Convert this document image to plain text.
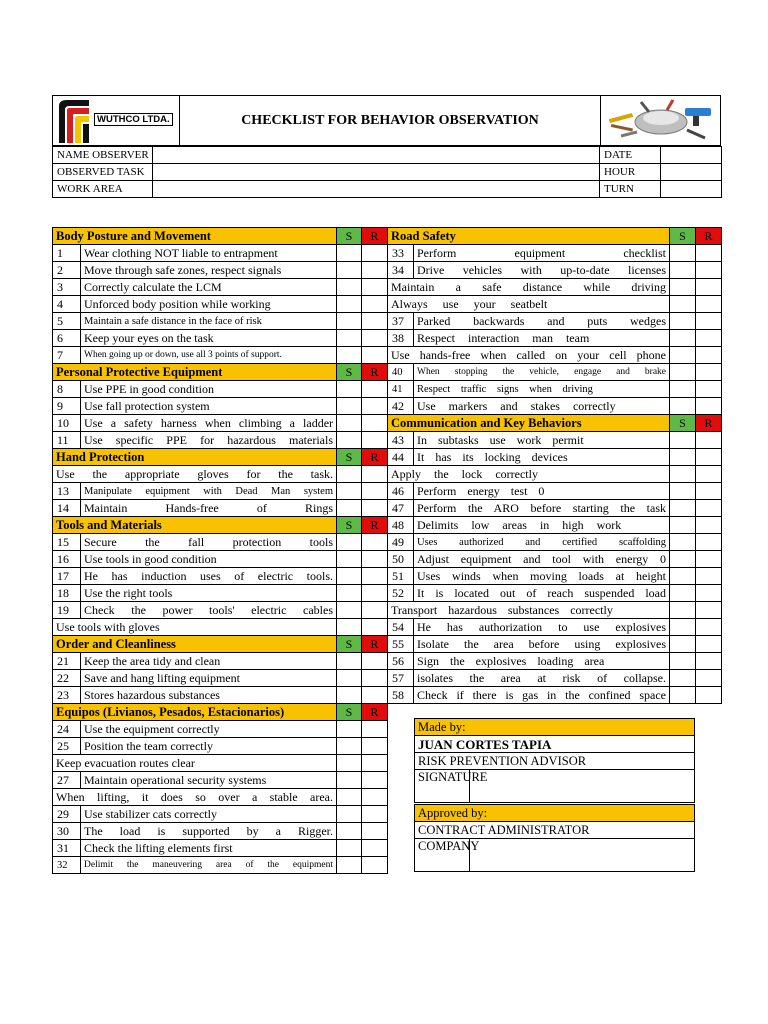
WUTHCO LTDA.	CHECKLIST FOR BEHAVIOR OBSERVATION
NAME OBSERVER		DATE	
OBSERVED TASK		HOUR	
WORK AREA		TURN	
Body Posture and Movement		S	R
1	Wear clothing NOT liable to entrapment		
2	Move through safe zones, respect signals		
3	Correctly calculate the LCM		
4	Unforced body position while working		
5	Maintain a safe distance in the face of risk		
6	Keep your eyes on the task		
7	When going up or down, use all 3 points of support.		
Personal Protective Equipment		S	R
8	Use PPE in good condition		
9	Use fall protection system		
10	Use a safety harness when climbing a ladder		
11	Use specific PPE for hazardous materials		
Hand Protection		S	R
Use the appropriate gloves for the task.			
13	Manipulate equipment with Dead Man system		
14	Maintain Hands-free of Rings		
Tools and Materials		S	R
15	Secure the fall protection tools		
16	Use tools in good condition		
17	He has induction uses of electric tools.		
18	Use the right tools		
19	Check the power tools' electric cables		
Use tools with gloves			
Order and Cleanliness		S	R
21	Keep the area tidy and clean		
22	Save and hang lifting equipment		
23	Stores hazardous substances		
Equipos (Livianos, Pesados, Estacionarios)		S	R
24	Use the equipment correctly		
25	Position the team correctly		
Keep evacuation routes clear			
27	Maintain operational security systems		
When lifting, it does so over a stable area.			
29	Use stabilizer cats correctly		
30	The load is supported by a Rigger.		
31	Check the lifting elements first		
32	Delimit the maneuvering area of the equipment		
Road Safety		S	R
33	Perform equipment checklist		
34	Drive vehicles with up-to-date licenses		
Maintain a safe distance while driving			
Always use your seatbelt			
37	Parked backwards and puts wedges		
38	Respect interaction man team		
Use hands-free when called on your cell phone			
40	When stopping the vehicle, engage and brake		
41	Respect traffic signs when driving		
42	Use markers and stakes correctly		
Communication and Key Behaviors		S	R
43	In subtasks use work permit		
44	It has its locking devices		
Apply the lock correctly			
46	Perform energy test 0		
47	Perform the ARO before starting the task		
48	Delimits low areas in high work		
49	Uses authorized and certified scaffolding		
50	Adjust equipment and tool with energy 0		
51	Uses winds when moving loads at height		
52	It is located out of reach suspended load		
Transport hazardous substances correctly			
54	He has authorization to use explosives		
55	Isolate the area before using explosives		
56	Sign the explosives loading area		
57	isolates the area at risk of collapse.		
58	Check if there is gas in the confined space		
Made by:
JUAN CORTES TAPIA
RISK PREVENTION ADVISOR
SIGNATURE	
Approved by:
CONTRACT ADMINISTRATOR
COMPANY	
